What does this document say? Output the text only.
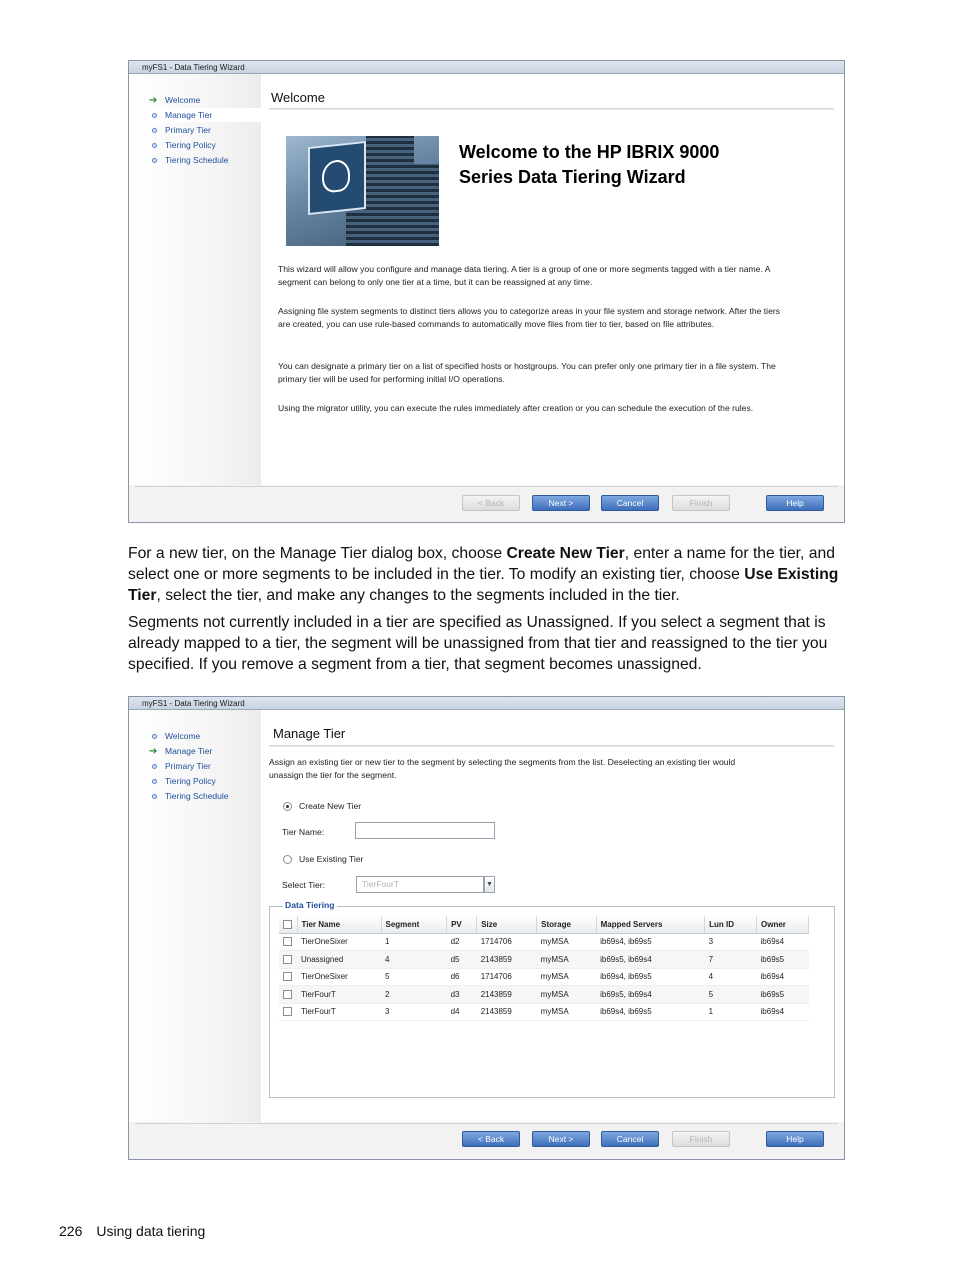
myFS1 - Data Tiering Wizard
➔ Welcome
Manage Tier
Primary Tier
Tiering Policy
Tiering Schedule
Welcome
Welcome to the HP IBRIX 9000
Series Data Tiering Wizard
This wizard will allow you configure and manage data tiering. A tier is a group of one or more segments tagged with a tier name. A segment can belong to only one tier at a time, but it can be reassigned at any time.
Assigning file system segments to distinct tiers allows you to categorize areas in your file system and storage network. After the tiers are created, you can use rule-based commands to automatically move files from tier to tier, based on file attributes.
You can designate a primary tier on a list of specified hosts or hostgroups. You can prefer only one primary tier in a file system. The primary tier will be used for performing initial I/O operations.
Using the migrator utility, you can execute the rules immediately after creation or you can schedule the execution of the rules.
< Back	Next >	Cancel	Finish	Help
For a new tier, on the Manage Tier dialog box, choose Create New Tier, enter a name for the tier, and select one or more segments to be included in the tier. To modify an existing tier, choose Use Existing Tier, select the tier, and make any changes to the segments included in the tier.
Segments not currently included in a tier are specified as Unassigned. If you select a segment that is already mapped to a tier, the segment will be unassigned from that tier and reassigned to the tier you specified. If you remove a segment from a tier, that segment becomes unassigned.
myFS1 - Data Tiering Wizard
Welcome
➔ Manage Tier
Primary Tier
Tiering Policy
Tiering Schedule
Manage Tier
Assign an existing tier or new tier to the segment by selecting the segments from the list. Deselecting an existing tier would unassign the tier for the segment.
Create New Tier
Tier Name:
Use Existing Tier
Select Tier:	TierFourT	▼
Data Tiering
	Tier Name	Segment	PV	Size	Storage	Mapped Servers	Lun ID	Owner
	TierOneSixer	1	d2	1714706	myMSA	ib69s4, ib69s5	3	ib69s4
	Unassigned	4	d5	2143859	myMSA	ib69s5, ib69s4	7	ib69s5
	TierOneSixer	5	d6	1714706	myMSA	ib69s4, ib69s5	4	ib69s4
	TierFourT	2	d3	2143859	myMSA	ib69s5, ib69s4	5	ib69s5
	TierFourT	3	d4	2143859	myMSA	ib69s4, ib69s5	1	ib69s4
< Back	Next >	Cancel	Finish	Help
226 Using data tiering
